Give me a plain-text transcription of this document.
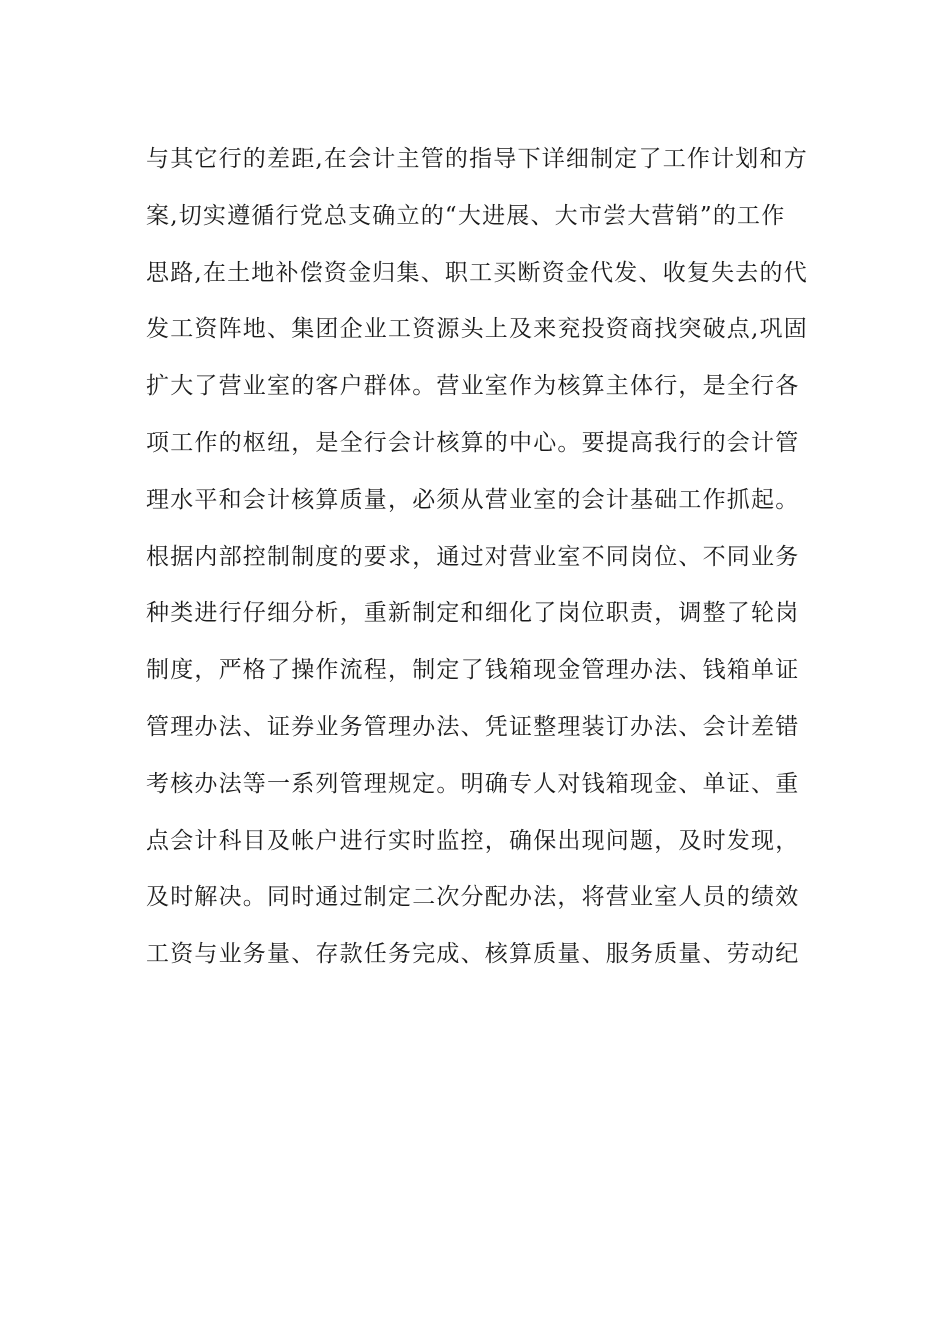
与其它行的差距,在会计主管的指导下详细制定了工作计划和方
案,切实遵循行党总支确立的“大进展、大市尝大营销”的工作
思路,在土地补偿资金归集、职工买断资金代发、收复失去的代
发工资阵地、集团企业工资源头上及来兖投资商找突破点,巩固
扩大了营业室的客户群体。营业室作为核算主体行，是全行各
项工作的枢纽，是全行会计核算的中心。要提高我行的会计管
理水平和会计核算质量，必须从营业室的会计基础工作抓起。
根据内部控制制度的要求，通过对营业室不同岗位、不同业务
种类进行仔细分析，重新制定和细化了岗位职责，调整了轮岗
制度，严格了操作流程，制定了钱箱现金管理办法、钱箱单证
管理办法、证券业务管理办法、凭证整理装订办法、会计差错
考核办法等一系列管理规定。明确专人对钱箱现金、单证、重
点会计科目及帐户进行实时监控，确保出现问题，及时发现，
及时解决。同时通过制定二次分配办法，将营业室人员的绩效
工资与业务量、存款任务完成、核算质量、服务质量、劳动纪
